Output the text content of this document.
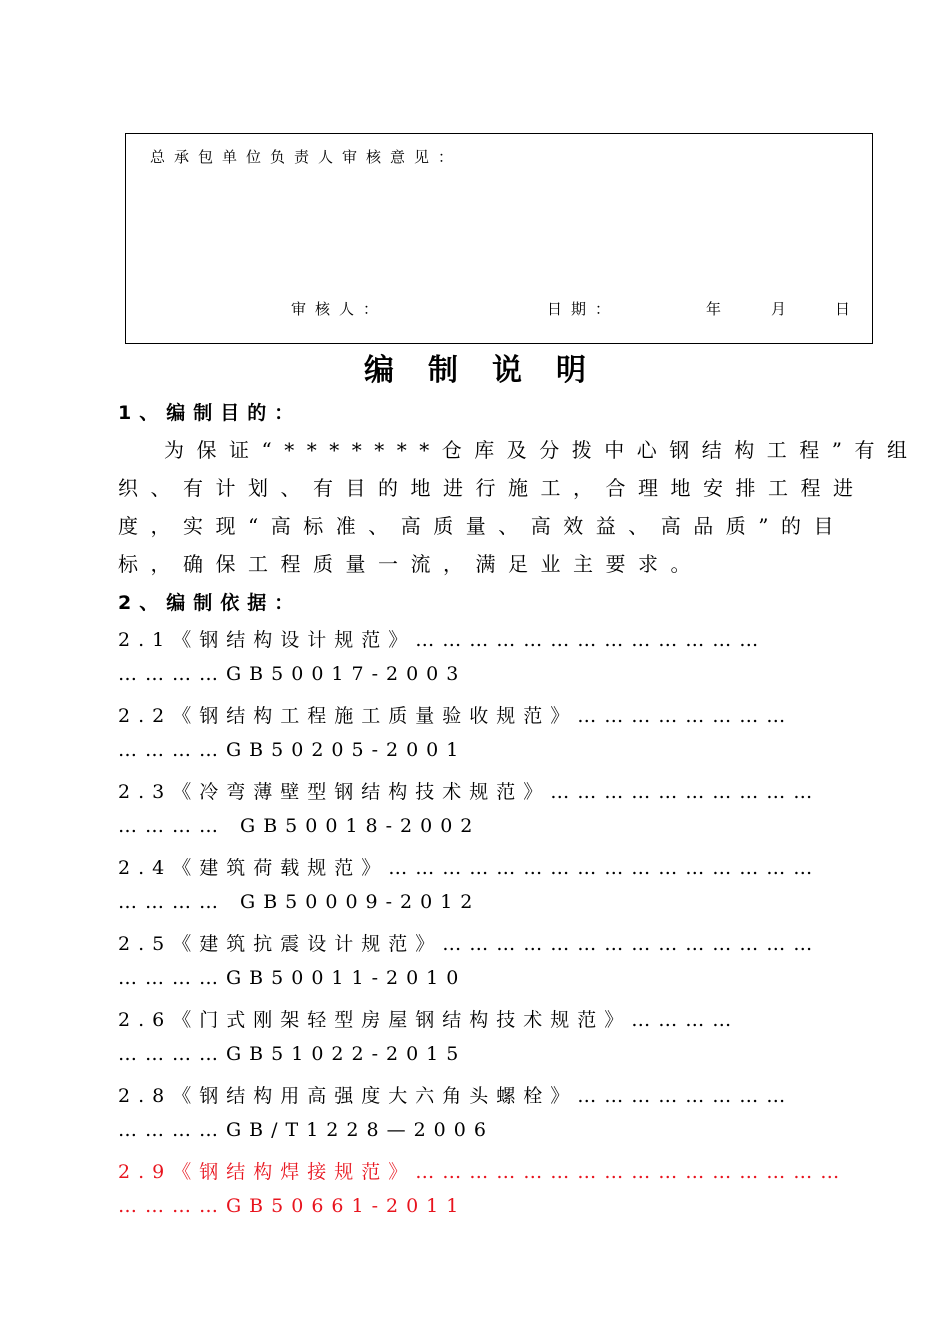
总承包单位负责人审核意见：
审核人：	日期：	年	月	日
编制说明
1、编制目的：
为保证“*******仓库及分拨中心钢结构工程”有组
织、有计划、有目的地进行施工，合理地安排工程进
度，实现“高标准、高质量、高效益、高品质”的目
标，确保工程质量一流，满足业主要求。
2、编制依据：
2.1《钢结构设计规范》…………………………………
…………GB50017-2003
2.2《钢结构工程施工质量验收规范》……………………
…………GB50205-2001
2.3《冷弯薄壁型钢结构技术规范》…………………………
………… GB50018-2002
2.4《建筑荷载规范》…………………………………………
………… GB50009-2012
2.5《建筑抗震设计规范》……………………………………
…………GB50011-2010
2.6《门式刚架轻型房屋钢结构技术规范》…………
…………GB51022-2015
2.8《钢结构用高强度大六角头螺栓》……………………
…………GB/T1228—2006
2.9《钢结构焊接规范》…………………………………………
…………GB50661-2011
